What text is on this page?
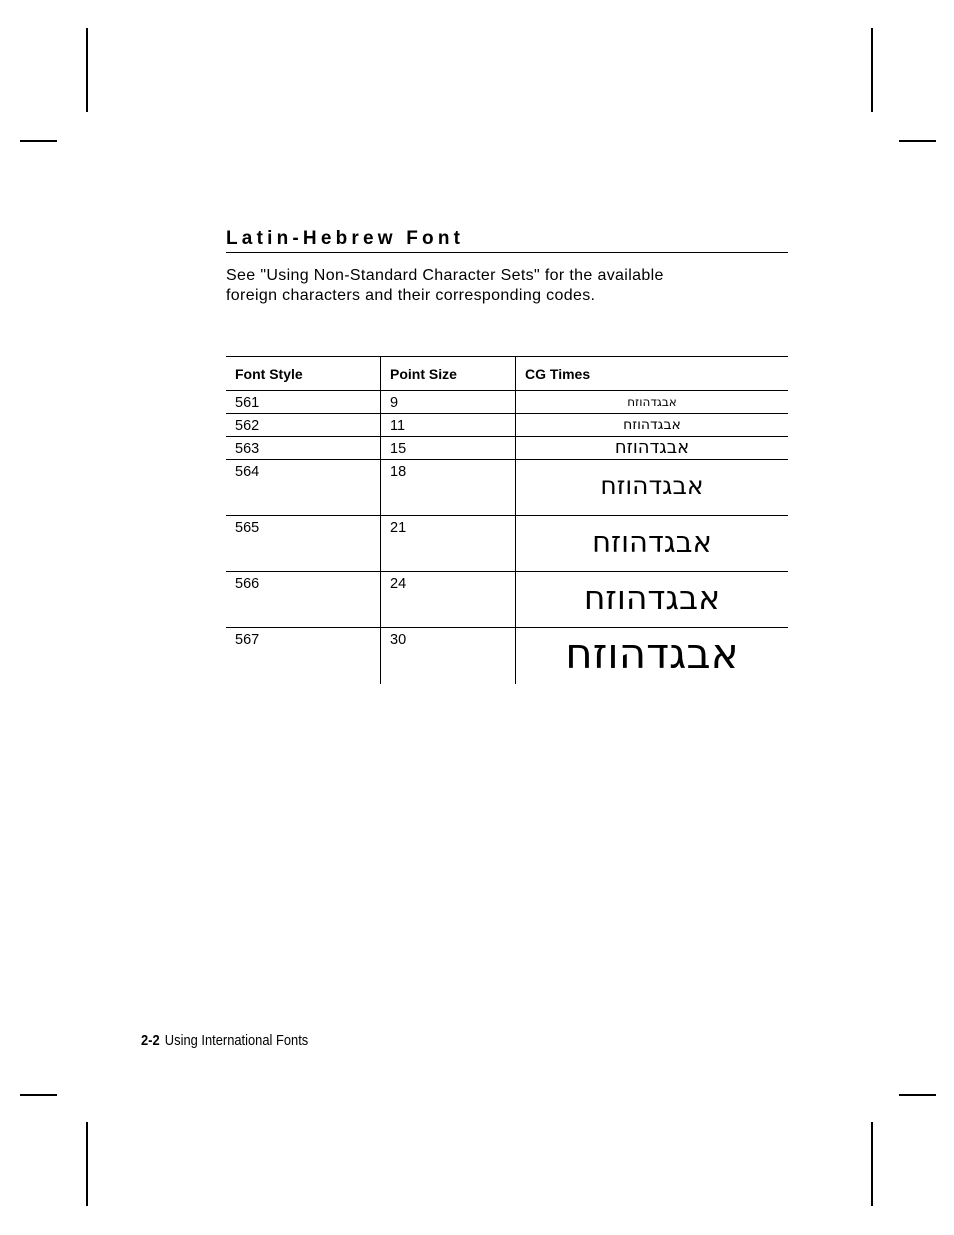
Latin-Hebrew Font
See "Using Non-Standard Character Sets" for the available
foreign characters and their corresponding codes.
Font Style	Point Size	CG Times
561	9	אבגדהוזח
562	11	אבגדהוזח
563	15	אבגדהוזח
564	18	אבגדהוזח
565	21	אבגדהוזח
566	24	אבגדהוזח
567	30	אבגדהוזח
2-2 Using International Fonts
